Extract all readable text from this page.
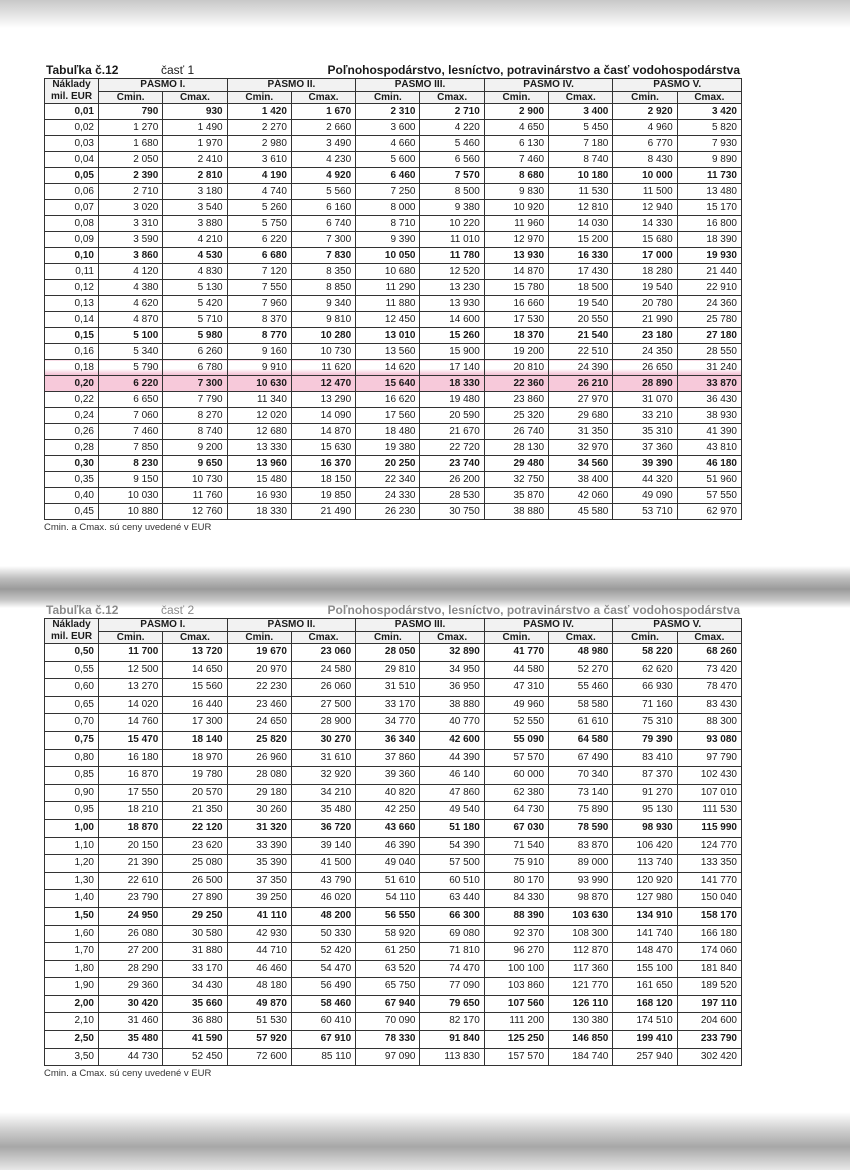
Tabuľka č.12	časť 1	Poľnohospodárstvo, lesníctvo, potravinárstvo a časť vodohospodárstva
Náklady
mil. EUR	PÁSMO I.		PÁSMO II.		PÁSMO III.		PÁSMO IV.		PÁSMO V.	
	Cmin.	Cmax.	Cmin.	Cmax.	Cmin.	Cmax.	Cmin.	Cmax.	Cmin.	Cmax.
0,01	790	930	1 420	1 670	2 310	2 710	2 900	3 400	2 920	3 420
0,02	1 270	1 490	2 270	2 660	3 600	4 220	4 650	5 450	4 960	5 820
0,03	1 680	1 970	2 980	3 490	4 660	5 460	6 130	7 180	6 770	7 930
0,04	2 050	2 410	3 610	4 230	5 600	6 560	7 460	8 740	8 430	9 890
0,05	2 390	2 810	4 190	4 920	6 460	7 570	8 680	10 180	10 000	11 730
0,06	2 710	3 180	4 740	5 560	7 250	8 500	9 830	11 530	11 500	13 480
0,07	3 020	3 540	5 260	6 160	8 000	9 380	10 920	12 810	12 940	15 170
0,08	3 310	3 880	5 750	6 740	8 710	10 220	11 960	14 030	14 330	16 800
0,09	3 590	4 210	6 220	7 300	9 390	11 010	12 970	15 200	15 680	18 390
0,10	3 860	4 530	6 680	7 830	10 050	11 780	13 930	16 330	17 000	19 930
0,11	4 120	4 830	7 120	8 350	10 680	12 520	14 870	17 430	18 280	21 440
0,12	4 380	5 130	7 550	8 850	11 290	13 230	15 780	18 500	19 540	22 910
0,13	4 620	5 420	7 960	9 340	11 880	13 930	16 660	19 540	20 780	24 360
0,14	4 870	5 710	8 370	9 810	12 450	14 600	17 530	20 550	21 990	25 780
0,15	5 100	5 980	8 770	10 280	13 010	15 260	18 370	21 540	23 180	27 180
0,16	5 340	6 260	9 160	10 730	13 560	15 900	19 200	22 510	24 350	28 550
0,18	5 790	6 780	9 910	11 620	14 620	17 140	20 810	24 390	26 650	31 240
0,20	6 220	7 300	10 630	12 470	15 640	18 330	22 360	26 210	28 890	33 870
0,22	6 650	7 790	11 340	13 290	16 620	19 480	23 860	27 970	31 070	36 430
0,24	7 060	8 270	12 020	14 090	17 560	20 590	25 320	29 680	33 210	38 930
0,26	7 460	8 740	12 680	14 870	18 480	21 670	26 740	31 350	35 310	41 390
0,28	7 850	9 200	13 330	15 630	19 380	22 720	28 130	32 970	37 360	43 810
0,30	8 230	9 650	13 960	16 370	20 250	23 740	29 480	34 560	39 390	46 180
0,35	9 150	10 730	15 480	18 150	22 340	26 200	32 750	38 400	44 320	51 960
0,40	10 030	11 760	16 930	19 850	24 330	28 530	35 870	42 060	49 090	57 550
0,45	10 880	12 760	18 330	21 490	26 230	30 750	38 880	45 580	53 710	62 970
Cmin. a Cmax. sú ceny uvedené v EUR
Tabuľka č.12	časť 2	Poľnohospodárstvo, lesníctvo, potravinárstvo a časť vodohospodárstva
Náklady
mil. EUR	PÁSMO I.		PÁSMO II.		PÁSMO III.		PÁSMO IV.		PÁSMO V.	
	Cmin.	Cmax.	Cmin.	Cmax.	Cmin.	Cmax.	Cmin.	Cmax.	Cmin.	Cmax.
0,50	11 700	13 720	19 670	23 060	28 050	32 890	41 770	48 980	58 220	68 260
0,55	12 500	14 650	20 970	24 580	29 810	34 950	44 580	52 270	62 620	73 420
0,60	13 270	15 560	22 230	26 060	31 510	36 950	47 310	55 460	66 930	78 470
0,65	14 020	16 440	23 460	27 500	33 170	38 880	49 960	58 580	71 160	83 430
0,70	14 760	17 300	24 650	28 900	34 770	40 770	52 550	61 610	75 310	88 300
0,75	15 470	18 140	25 820	30 270	36 340	42 600	55 090	64 580	79 390	93 080
0,80	16 180	18 970	26 960	31 610	37 860	44 390	57 570	67 490	83 410	97 790
0,85	16 870	19 780	28 080	32 920	39 360	46 140	60 000	70 340	87 370	102 430
0,90	17 550	20 570	29 180	34 210	40 820	47 860	62 380	73 140	91 270	107 010
0,95	18 210	21 350	30 260	35 480	42 250	49 540	64 730	75 890	95 130	111 530
1,00	18 870	22 120	31 320	36 720	43 660	51 180	67 030	78 590	98 930	115 990
1,10	20 150	23 620	33 390	39 140	46 390	54 390	71 540	83 870	106 420	124 770
1,20	21 390	25 080	35 390	41 500	49 040	57 500	75 910	89 000	113 740	133 350
1,30	22 610	26 500	37 350	43 790	51 610	60 510	80 170	93 990	120 920	141 770
1,40	23 790	27 890	39 250	46 020	54 110	63 440	84 330	98 870	127 980	150 040
1,50	24 950	29 250	41 110	48 200	56 550	66 300	88 390	103 630	134 910	158 170
1,60	26 080	30 580	42 930	50 330	58 920	69 080	92 370	108 300	141 740	166 180
1,70	27 200	31 880	44 710	52 420	61 250	71 810	96 270	112 870	148 470	174 060
1,80	28 290	33 170	46 460	54 470	63 520	74 470	100 100	117 360	155 100	181 840
1,90	29 360	34 430	48 180	56 490	65 750	77 090	103 860	121 770	161 650	189 520
2,00	30 420	35 660	49 870	58 460	67 940	79 650	107 560	126 110	168 120	197 110
2,10	31 460	36 880	51 530	60 410	70 090	82 170	111 200	130 380	174 510	204 600
2,50	35 480	41 590	57 920	67 910	78 330	91 840	125 250	146 850	199 410	233 790
3,50	44 730	52 450	72 600	85 110	97 090	113 830	157 570	184 740	257 940	302 420
Cmin. a Cmax. sú ceny uvedené v EUR
